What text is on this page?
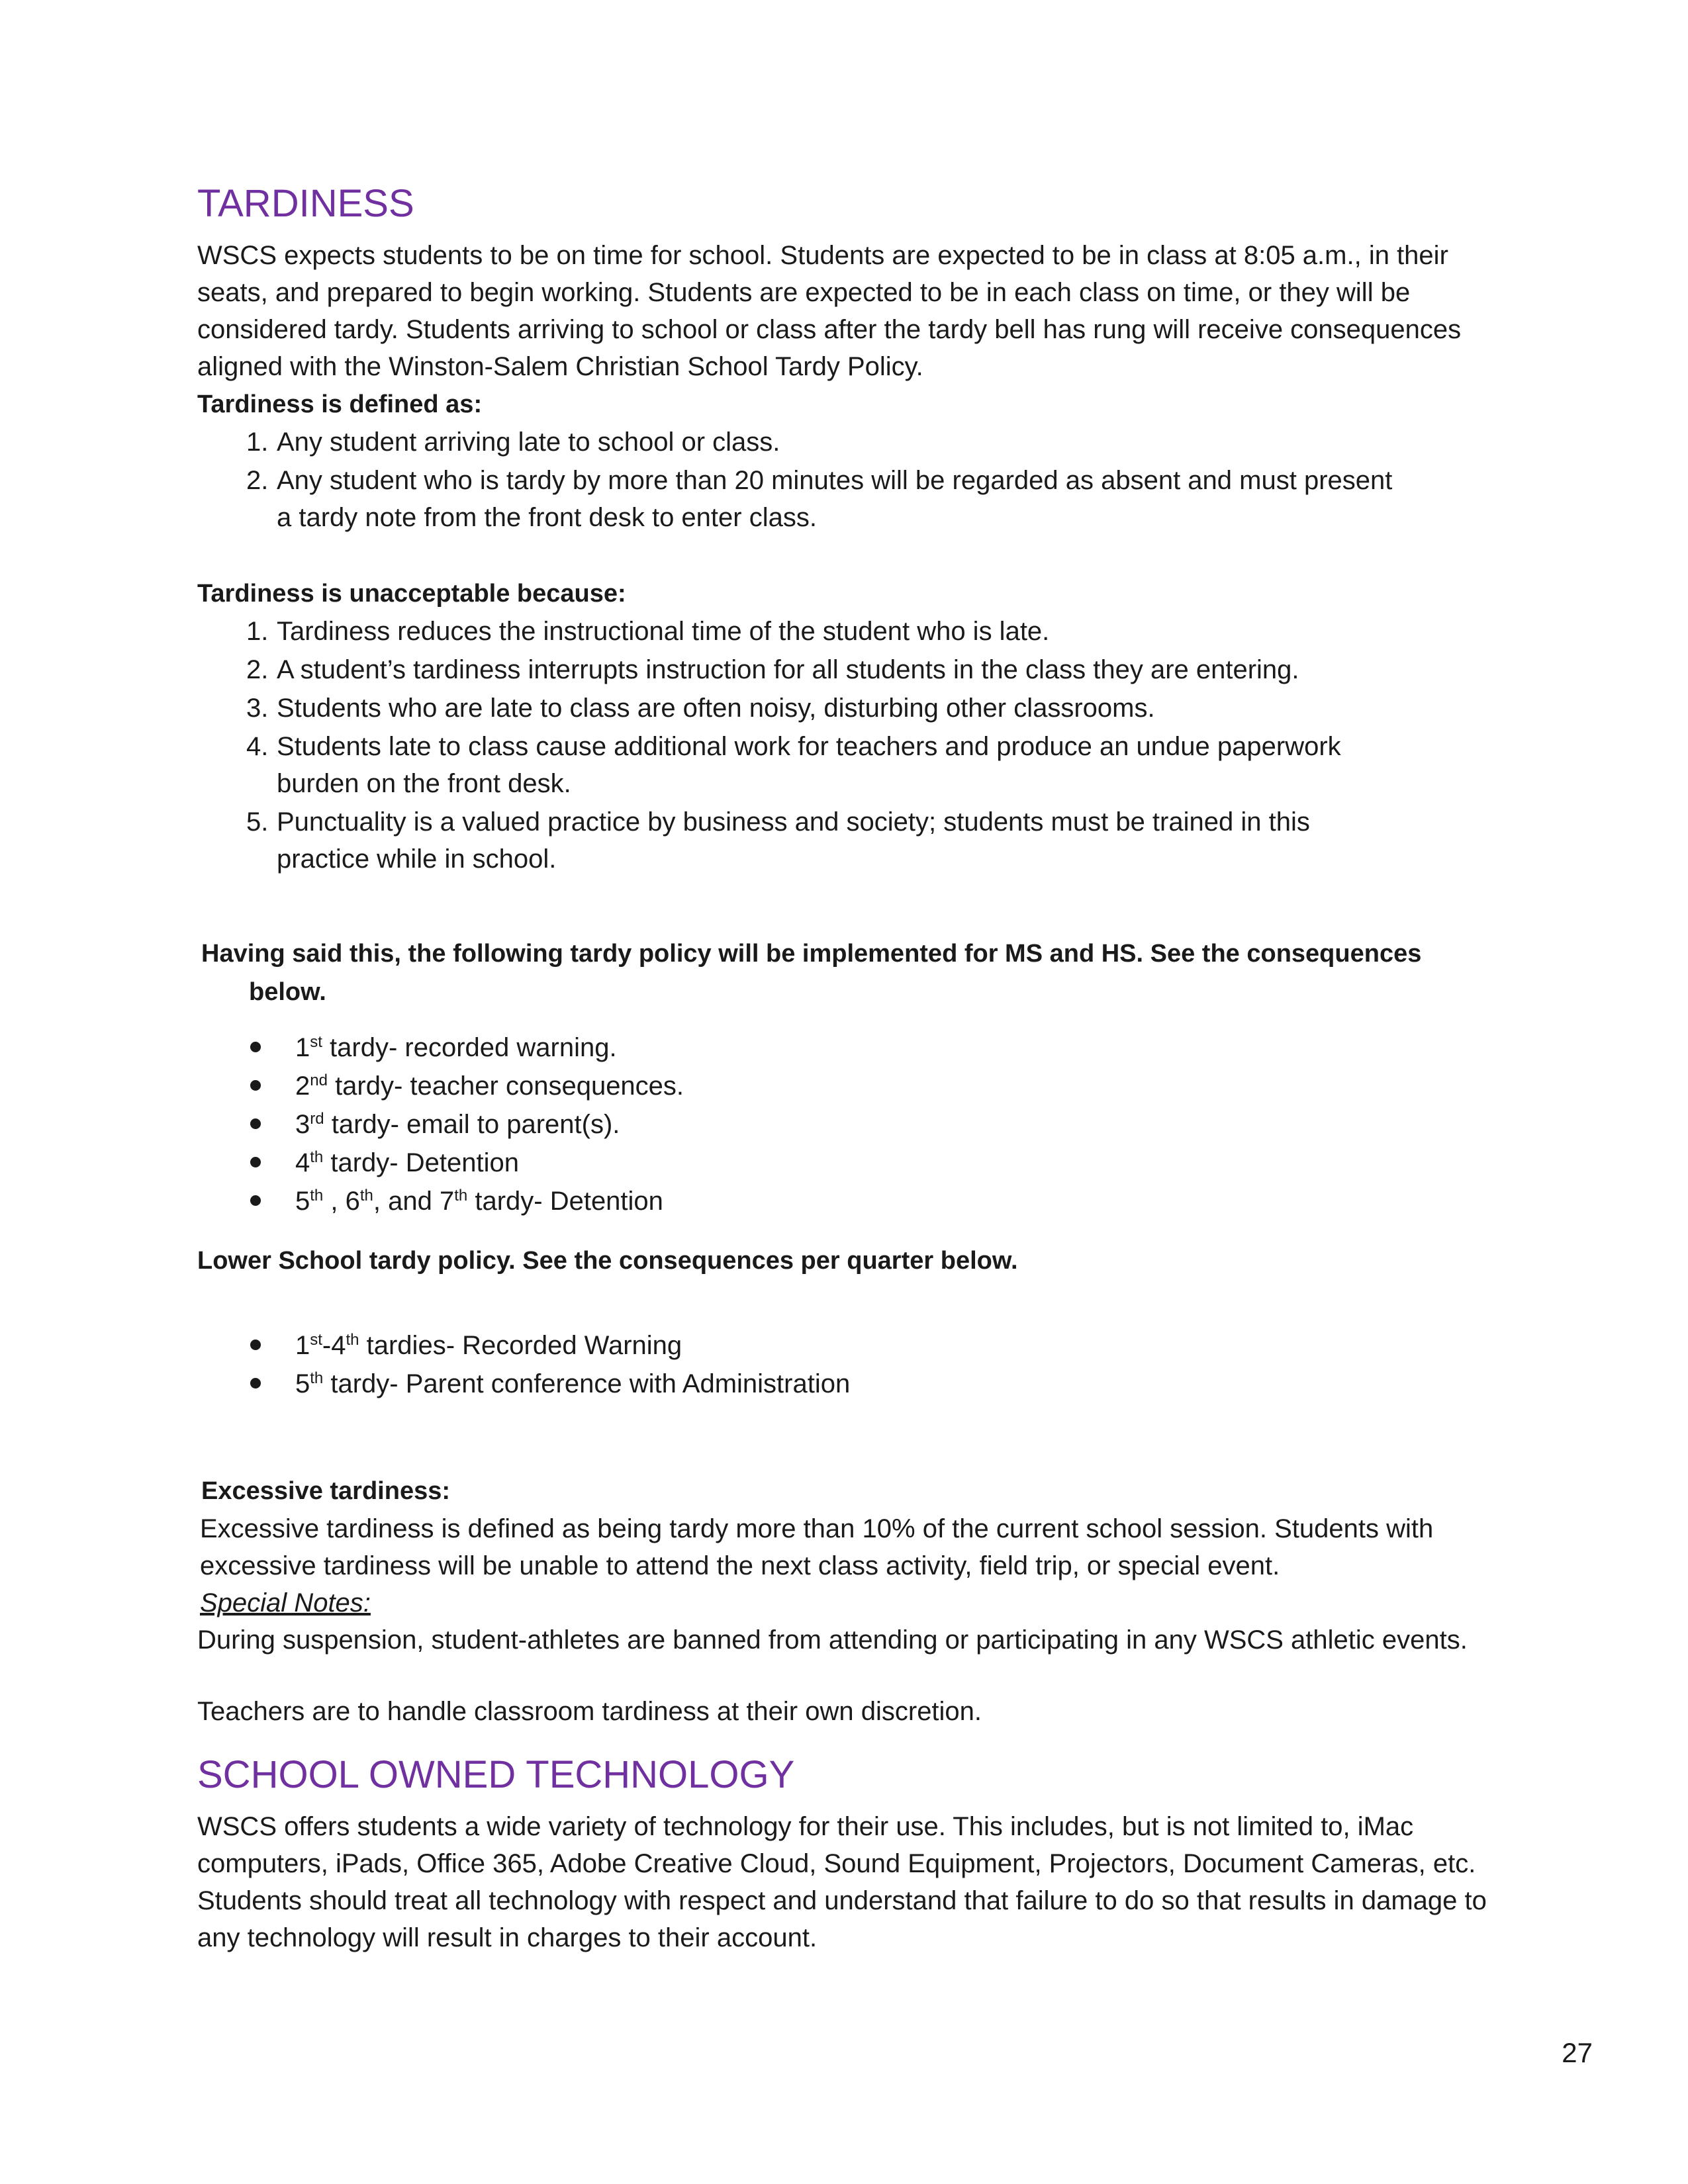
TARDINESS

WSCS expects students to be on time for school. Students are expected to be in class at 8:05 a.m., in their seats, and prepared to begin working. Students are expected to be in each class on time, or they will be considered tardy. Students arriving to school or class after the tardy bell has rung will receive consequences aligned with the Winston-Salem Christian School Tardy Policy.

Tardiness is defined as:

1. Any student arriving late to school or class.
2. Any student who is tardy by more than 20 minutes will be regarded as absent and must present
a tardy note from the front desk to enter class.

Tardiness is unacceptable because:

1. Tardiness reduces the instructional time of the student who is late.
2. A student’s tardiness interrupts instruction for all students in the class they are entering.
3. Students who are late to class are often noisy, disturbing other classrooms.
4. Students late to class cause additional work for teachers and produce an undue paperwork
burden on the front desk.
5. Punctuality is a valued practice by business and society; students must be trained in this
practice while in school.

Having said this, the following tardy policy will be implemented for MS and HS. See the consequences
below.

1st tardy- recorded warning.
2nd tardy- teacher consequences.
3rd tardy- email to parent(s).
4th tardy- Detention
5th , 6th, and 7th tardy- Detention

Lower School tardy policy. See the consequences per quarter below.

1st-4th tardies- Recorded Warning
5th tardy- Parent conference with Administration

Excessive tardiness:

Excessive tardiness is defined as being tardy more than 10% of the current school session. Students with excessive tardiness will be unable to attend the next class activity, field trip, or special event.

Special Notes:

During suspension, student-athletes are banned from attending or participating in any WSCS athletic events.

Teachers are to handle classroom tardiness at their own discretion.

SCHOOL OWNED TECHNOLOGY

WSCS offers students a wide variety of technology for their use. This includes, but is not limited to, iMac computers, iPads, Office 365, Adobe Creative Cloud, Sound Equipment, Projectors, Document Cameras, etc. Students should treat all technology with respect and understand that failure to do so that results in damage to any technology will result in charges to their account.

27
